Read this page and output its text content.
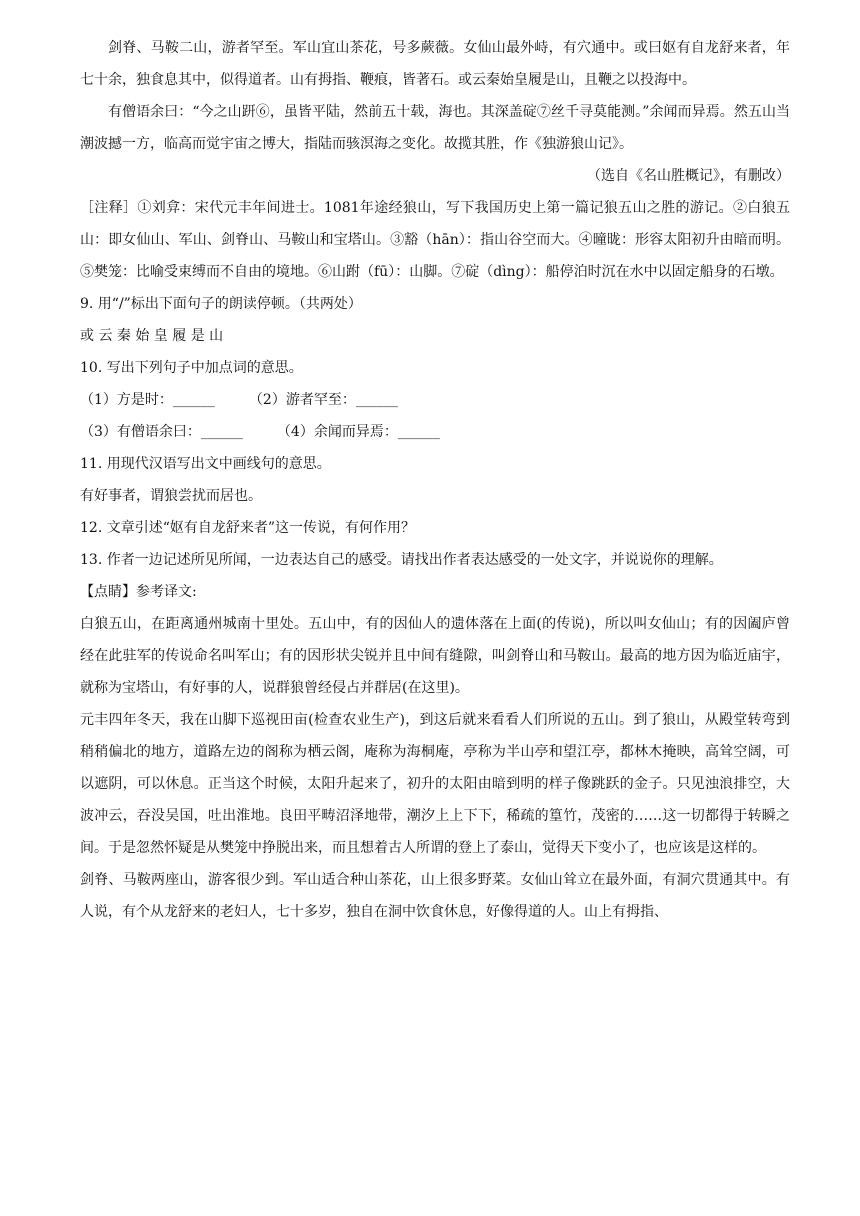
剑脊、马鞍二山，游者罕至。军山宜山茶花，号多蕨薇。女仙山最外峙，有穴通中。或曰妪有自龙舒来者，年七十余，独食息其中，似得道者。山有拇指、鞭痕，皆著石。或云秦始皇履是山，且鞭之以投海中。

有僧语余曰：“今之山趼⑥，虽皆平陆，然前五十载，海也。其深盖碇⑦丝千寻莫能测。”余闻而异焉。然五山当潮波撼一方，临高而觉宇宙之博大，指陆而骇溟海之变化。故揽其胜，作《独游狼山记》。

（选自《名山胜概记》，有删改）

［注释］①刘弇：宋代元丰年间进士。1081年途经狼山，写下我国历史上第一篇记狼五山之胜的游记。②白狼五山：即女仙山、军山、剑脊山、马鞍山和宝塔山。③豁（hān）：指山谷空而大。④曈昽：形容太阳初升由暗而明。⑤樊笼：比喻受束缚而不自由的境地。⑥山跗（fū）：山脚。⑦碇（dìng）：船停泊时沉在水中以固定船身的石墩。

9. 用“/”标出下面句子的朗读停顿。（共两处）

或 云 秦 始 皇 履 是 山

10. 写出下列句子中加点词的意思。

（1）方是时：______ （2）游者罕至：______

（3）有僧语余曰：______ （4）余闻而异焉：______

11. 用现代汉语写出文中画线句的意思。

有好事者，谓狼尝扰而居也。

12. 文章引述“妪有自龙舒来者”这一传说，有何作用？

13. 作者一边记述所见所闻，一边表达自己的感受。请找出作者表达感受的一处文字，并说说你的理解。

【点睛】参考译文:

白狼五山，在距离通州城南十里处。五山中，有的因仙人的遗体落在上面(的传说)，所以叫女仙山；有的因阖庐曾经在此驻军的传说命名叫军山；有的因形状尖锐并且中间有缝隙，叫剑脊山和马鞍山。最高的地方因为临近庙宇，就称为宝塔山，有好事的人，说群狼曾经侵占并群居(在这里)。

元丰四年冬天，我在山脚下巡视田亩(检查农业生产)，到这后就来看看人们所说的五山。到了狼山，从殿堂转弯到稍稍偏北的地方，道路左边的阁称为栖云阁，庵称为海桐庵，亭称为半山亭和望江亭，都林木掩映，高耸空阔，可以遮阴，可以休息。正当这个时候，太阳升起来了，初升的太阳由暗到明的样子像跳跃的金子。只见浊浪排空，大波冲云，吞没吴国，吐出淮地。良田平畴沼泽地带，潮汐上上下下，稀疏的篁竹，茂密的……这一切都得于转瞬之间。于是忽然怀疑是从樊笼中挣脱出来，而且想着古人所谓的登上了泰山，觉得天下变小了，也应该是这样的。

剑脊、马鞍两座山，游客很少到。军山适合种山茶花，山上很多野菜。女仙山耸立在最外面，有洞穴贯通其中。有人说，有个从龙舒来的老妇人，七十多岁，独自在洞中饮食休息，好像得道的人。山上有拇指、
